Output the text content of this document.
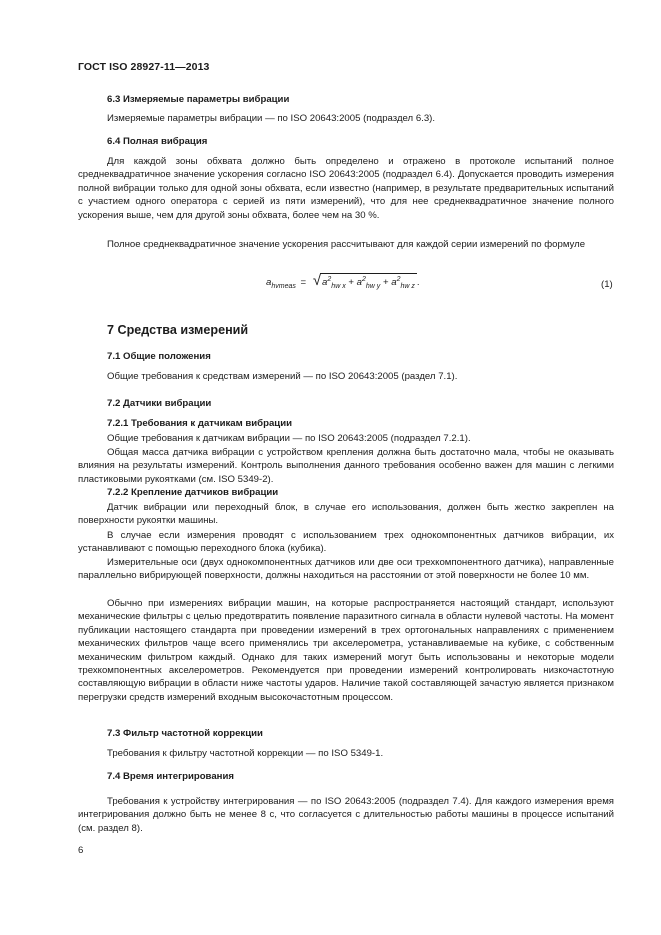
ГОСТ ISO 28927-11—2013
6.3 Измеряемые параметры вибрации
Измеряемые параметры вибрации — по ISO 20643:2005 (подраздел 6.3).
6.4 Полная вибрация
Для каждой зоны обхвата должно быть определено и отражено в протоколе испытаний полное среднеквадратичное значение ускорения согласно ISO 20643:2005 (подраздел 6.4). Допускается проводить измерения полной вибрации только для одной зоны обхвата, если известно (например, в результате предварительных испытаний с участием одного оператора с серией из пяти измерений), что для нее среднеквадратичное значение полного ускорения выше, чем для другой зоны обхвата, более чем на 30 %.
Полное среднеквадратичное значение ускорения рассчитывают для каждой серии измерений по формуле
$a_{hvmeas} = √a^2_{hw x} + a^2_{hw y} + a^2_{hw z}$ .	(1)
7 Средства измерений
7.1 Общие положения
Общие требования к средствам измерений — по ISO 20643:2005 (раздел 7.1).
7.2 Датчики вибрации
7.2.1 Требования к датчикам вибрации
Общие требования к датчикам вибрации — по ISO 20643:2005 (подраздел 7.2.1).
Общая масса датчика вибрации с устройством крепления должна быть достаточно мала, чтобы не оказывать влияния на результаты измерений. Контроль выполнения данного требования особенно важен для машин с легкими пластиковыми рукоятками (см. ISO 5349-2).
7.2.2 Крепление датчиков вибрации
Датчик вибрации или переходный блок, в случае его использования, должен быть жестко закреплен на поверхности рукоятки машины.
В случае если измерения проводят с использованием трех однокомпонентных датчиков вибрации, их устанавливают с помощью переходного блока (кубика).
Измерительные оси (двух однокомпонентных датчиков или две оси трехкомпонентного датчика), направленные параллельно вибрирующей поверхности, должны находиться на расстоянии от этой поверхности не более 10 мм.
Обычно при измерениях вибрации машин, на которые распространяется настоящий стандарт, используют механические фильтры с целью предотвратить появление паразитного сигнала в области нулевой частоты. На момент публикации настоящего стандарта при проведении измерений в трех ортогональных направлениях с применением механических фильтров чаще всего применялись три акселерометра, устанавливаемые на кубике, с собственным механическим фильтром каждый. Однако для таких измерений могут быть использованы и некоторые модели трехкомпонентных акселерометров. Рекомендуется при проведении измерений контролировать низкочастотную составляющую вибрации в области ниже частоты ударов. Наличие такой составляющей зачастую является признаком перегрузки средств измерений входным высокочастотным процессом.
7.3 Фильтр частотной коррекции
Требования к фильтру частотной коррекции — по ISO 5349-1.
7.4 Время интегрирования
Требования к устройству интегрирования — по ISO 20643:2005 (подраздел 7.4). Для каждого измерения время интегрирования должно быть не менее 8 с, что согласуется с длительностью работы машины в процессе испытаний (см. раздел 8).
6
